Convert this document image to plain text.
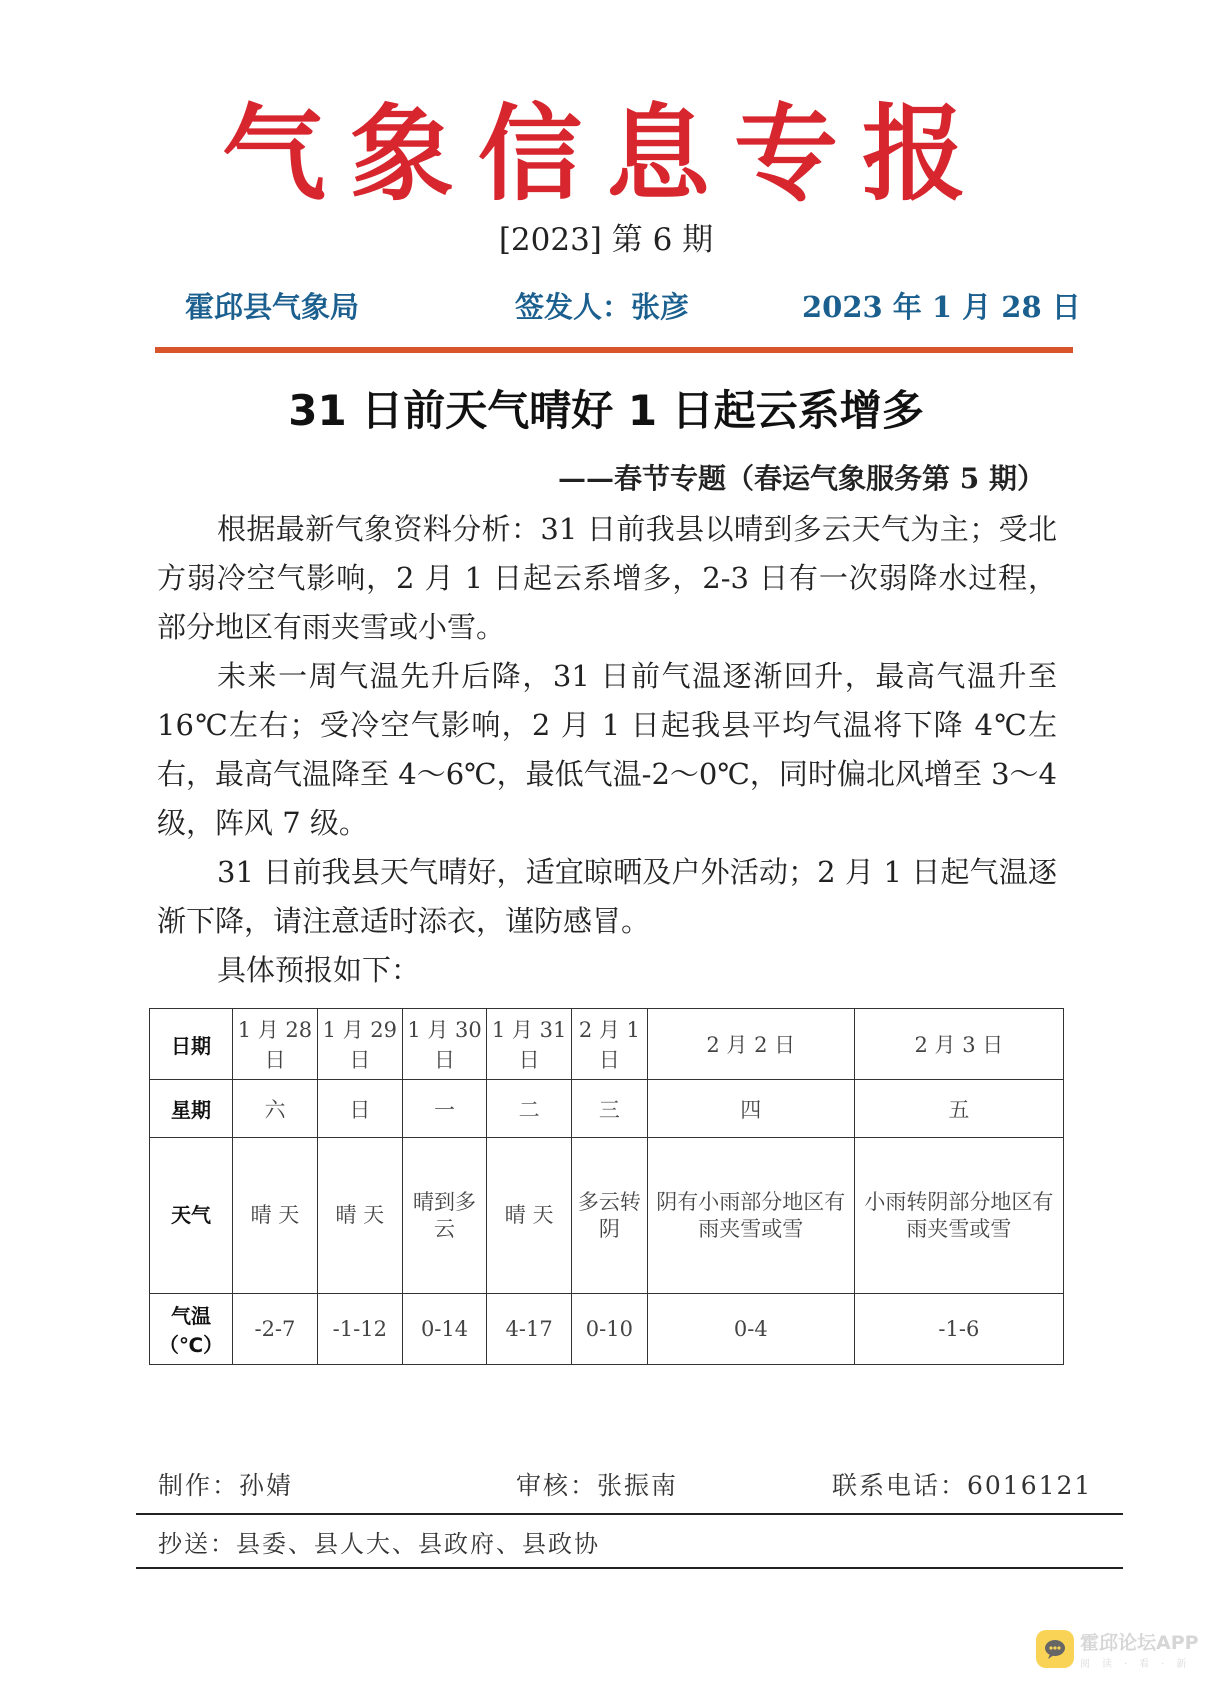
气象信息专报
[2023] 第 6 期
霍邱县气象局	签发人：张彦	2023 年 1 月 28 日
31 日前天气晴好 1 日起云系增多
——春节专题（春运气象服务第 5 期）

根据最新气象资料分析：31 日前我县以晴到多云天气为主；受北方弱冷空气影响，2 月 1 日起云系增多，2-3 日有一次弱降水过程，部分地区有雨夹雪或小雪。

未来一周气温先升后降，31 日前气温逐渐回升，最高气温升至 16℃左右；受冷空气影响，2 月 1 日起我县平均气温将下降 4℃左右，最高气温降至 4～6℃，最低气温-2～0℃，同时偏北风增至 3～4 级，阵风 7 级。

31 日前我县天气晴好，适宜晾晒及户外活动；2 月 1 日起气温逐渐下降，请注意适时添衣，谨防感冒。

具体预报如下：

日期	1 月 28 日	1 月 29 日	1 月 30 日	1 月 31 日	2 月 1 日	2 月 2 日	2 月 3 日
星期	六	日	一	二	三	四	五
天气	晴 天	晴 天	晴到多云	晴 天	多云转阴	阴有小雨部分地区有雨夹雪或雪	小雨转阴部分地区有雨夹雪或雪
气温（℃）	-2-7	-1-12	0-14	4-17	0-10	0-4	-1-6
制作：孙婧	审核：张振南	联系电话：6016121
抄送：县委、县人大、县政府、县政协
霍邱论坛APP
阅读·看·新
